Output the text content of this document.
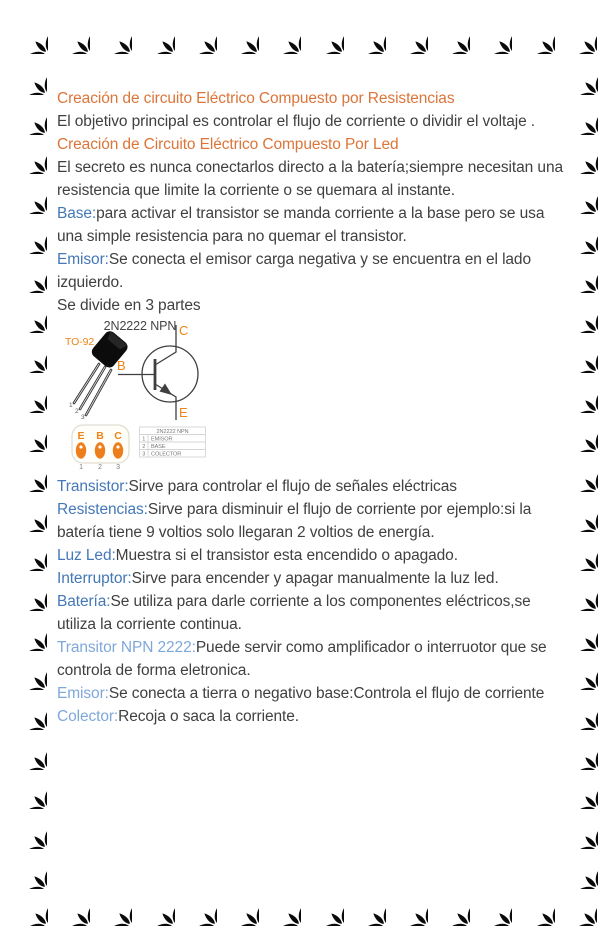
Creación de circuito Eléctrico Compuesto por Resistencias

El objetivo principal es controlar el flujo de corriente o dividir el voltaje .

Creación de Circuito Eléctrico Compuesto Por Led

El secreto es nunca conectarlos directo a la batería;siempre necesitan una resistencia que limite la corriente o se quemara al instante.

Base:para activar el transistor se manda corriente a la base pero se usa una simple resistencia para no quemar el transistor.

Emisor:Se conecta el emisor carga negativa y se encuentra en el lado izquierdo.

Se divide en 3 partes

2N2222 NPN
TO-92
1
2
3
B
C
E
E B C
1 2 3
2N2222 NPN
1 EMISOR
2 BASE
3 COLECTOR

Transistor:Sirve para controlar el flujo de señales eléctricas

Resistencias:Sirve para disminuir el flujo de corriente por ejemplo:si la batería tiene 9 voltios solo llegaran 2 voltios de energía.

Luz Led:Muestra si el transistor esta encendido o apagado.

Interruptor:Sirve para encender y apagar manualmente la luz led.

Batería:Se utiliza para darle corriente a los componentes eléctricos,se utiliza la corriente continua.

Transitor NPN 2222:Puede servir como amplificador o interruotor que se controla de forma eletronica.

Emisor:Se conecta a tierra o negativo base:Controla el flujo de corriente

Colector:Recoja o saca la corriente.
